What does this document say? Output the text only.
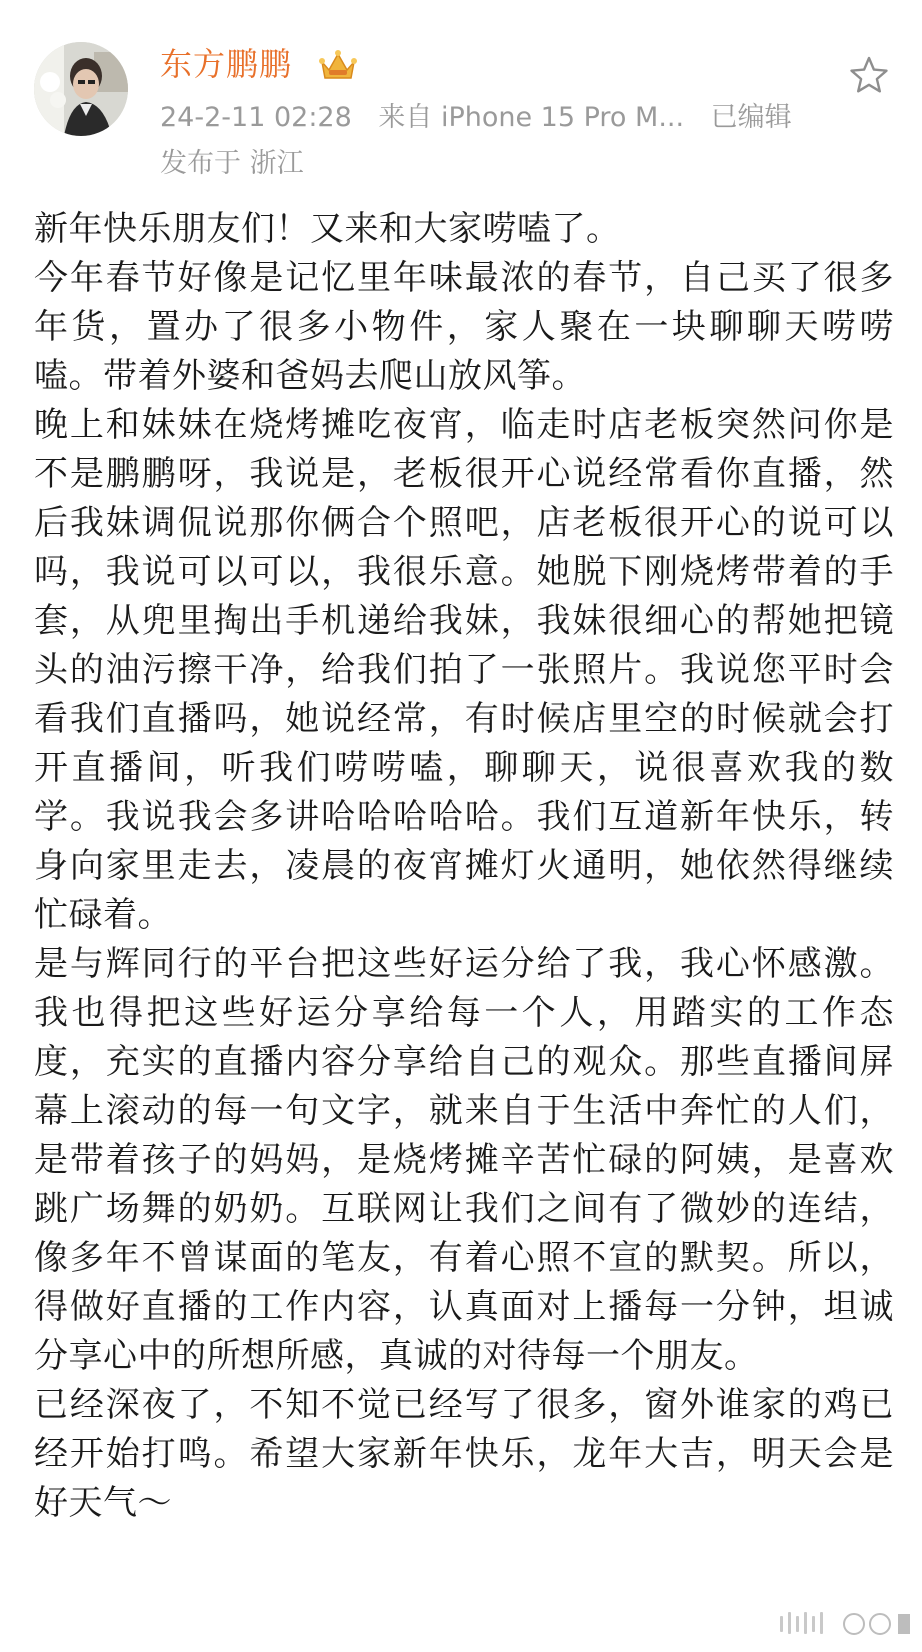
东方鹏鹏
24-2-11 02:28 来自 iPhone 15 Pro M... 已编辑
发布于 浙江

新年快乐朋友们！又来和大家唠嗑了。

今年春节好像是记忆里年味最浓的春节，自己买了很多年货，置办了很多小物件，家人聚在一块聊聊天唠唠嗑。带着外婆和爸妈去爬山放风筝。

晚上和妹妹在烧烤摊吃夜宵，临走时店老板突然问你是不是鹏鹏呀，我说是，老板很开心说经常看你直播，然后我妹调侃说那你俩合个照吧，店老板很开心的说可以吗，我说可以可以，我很乐意。她脱下刚烧烤带着的手套，从兜里掏出手机递给我妹，我妹很细心的帮她把镜头的油污擦干净，给我们拍了一张照片。我说您平时会看我们直播吗，她说经常，有时候店里空的时候就会打开直播间，听我们唠唠嗑，聊聊天，说很喜欢我的数学。我说我会多讲哈哈哈哈哈。我们互道新年快乐，转身向家里走去，凌晨的夜宵摊灯火通明，她依然得继续忙碌着。

是与辉同行的平台把这些好运分给了我，我心怀感激。我也得把这些好运分享给每一个人，用踏实的工作态度，充实的直播内容分享给自己的观众。那些直播间屏幕上滚动的每一句文字，就来自于生活中奔忙的人们，是带着孩子的妈妈，是烧烤摊辛苦忙碌的阿姨，是喜欢跳广场舞的奶奶。互联网让我们之间有了微妙的连结，像多年不曾谋面的笔友，有着心照不宣的默契。所以，得做好直播的工作内容，认真面对上播每一分钟，坦诚分享心中的所想所感，真诚的对待每一个朋友。

已经深夜了，不知不觉已经写了很多，窗外谁家的鸡已经开始打鸣。希望大家新年快乐，龙年大吉，明天会是好天气～
